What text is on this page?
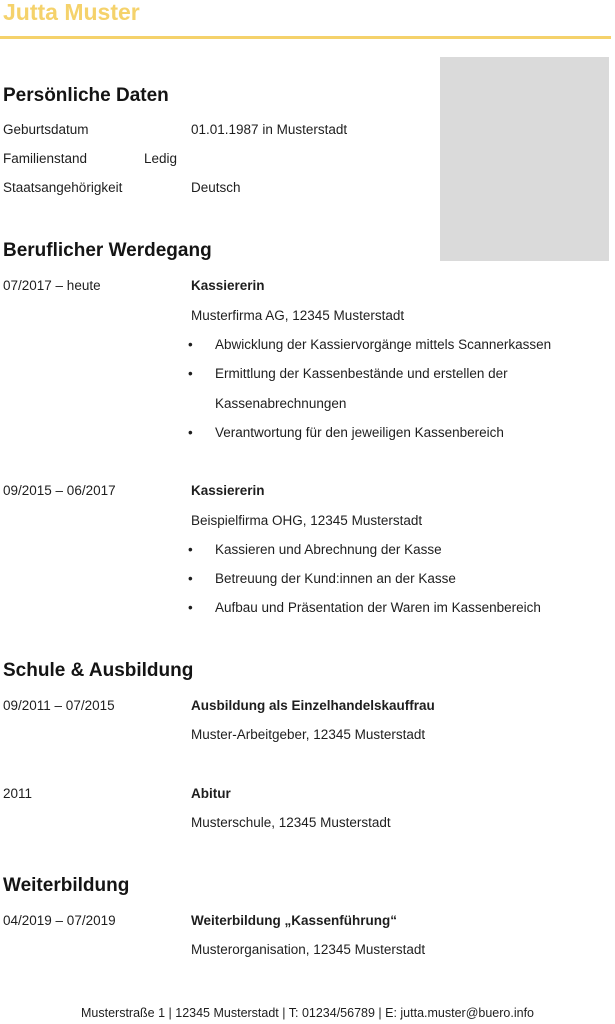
Jutta Muster
Persönliche Daten
Geburtsdatum	01.01.1987 in Musterstadt
Familienstand	Ledig
Staatsangehörigkeit	Deutsch
Beruflicher Werdegang
07/2017 – heute	Kassiererin
Musterfirma AG, 12345 Musterstadt
• Abwicklung der Kassiervorgänge mittels Scannerkassen
• Ermittlung der Kassenbestände und erstellen der
Kassenabrechnungen
• Verantwortung für den jeweiligen Kassenbereich
09/2015 – 06/2017	Kassiererin
Beispielfirma OHG, 12345 Musterstadt
• Kassieren und Abrechnung der Kasse
• Betreuung der Kund:innen an der Kasse
• Aufbau und Präsentation der Waren im Kassenbereich
Schule & Ausbildung
09/2011 – 07/2015	Ausbildung als Einzelhandelskauffrau
Muster-Arbeitgeber, 12345 Musterstadt
2011	Abitur
Musterschule, 12345 Musterstadt
Weiterbildung
04/2019 – 07/2019	Weiterbildung „Kassenführung“
Musterorganisation, 12345 Musterstadt
Musterstraße 1 | 12345 Musterstadt | T: 01234/56789 | E: jutta.muster@buero.info
